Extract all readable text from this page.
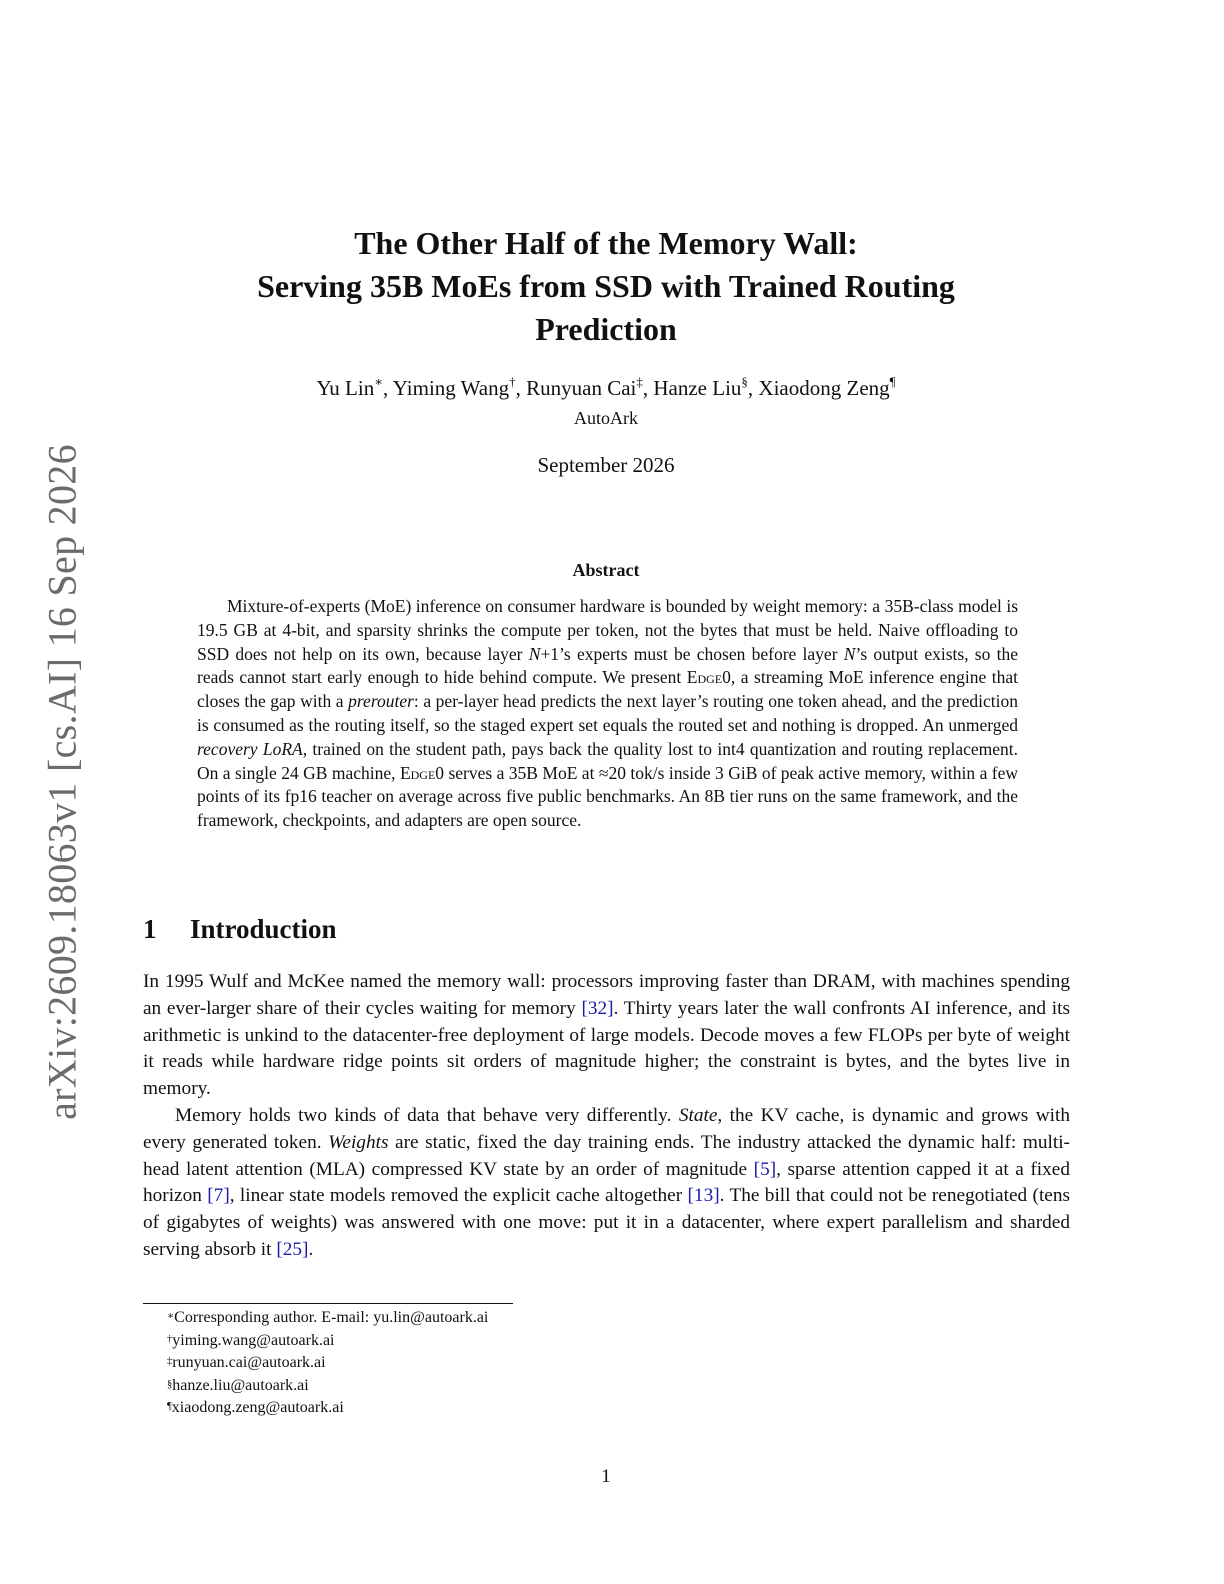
arXiv:2609.18063v1 [cs.AI] 16 Sep 2026
The Other Half of the Memory Wall:
Serving 35B MoEs from SSD with Trained Routing
Prediction
Yu Lin∗, Yiming Wang†, Runyuan Cai‡, Hanze Liu§, Xiaodong Zeng¶
AutoArk
September 2026
Abstract
Mixture-of-experts (MoE) inference on consumer hardware is bounded by weight memory: a 35B-class model is 19.5 GB at 4-bit, and sparsity shrinks the compute per token, not the bytes that must be held. Naive offloading to SSD does not help on its own, because layer N+1’s experts must be chosen before layer N’s output exists, so the reads cannot start early enough to hide behind compute. We present Edge0, a streaming MoE inference engine that closes the gap with a prerouter: a per-layer head predicts the next layer’s routing one token ahead, and the prediction is consumed as the routing itself, so the staged expert set equals the routed set and nothing is dropped. An unmerged recovery LoRA, trained on the student path, pays back the quality lost to int4 quantization and routing replacement. On a single 24 GB machine, Edge0 serves a 35B MoE at ≈20 tok/s inside 3 GiB of peak active memory, within a few points of its fp16 teacher on average across five public benchmarks. An 8B tier runs on the same framework, and the framework, checkpoints, and adapters are open source.
1 Introduction

In 1995 Wulf and McKee named the memory wall: processors improving faster than DRAM, with machines spending an ever-larger share of their cycles waiting for memory [32]. Thirty years later the wall confronts AI inference, and its arithmetic is unkind to the datacenter-free deployment of large models. Decode moves a few FLOPs per byte of weight it reads while hardware ridge points sit orders of magnitude higher; the constraint is bytes, and the bytes live in memory.

Memory holds two kinds of data that behave very differently. State, the KV cache, is dynamic and grows with every generated token. Weights are static, fixed the day training ends. The industry attacked the dynamic half: multi-head latent attention (MLA) compressed KV state by an order of magnitude [5], sparse attention capped it at a fixed horizon [7], linear state models removed the explicit cache altogether [13]. The bill that could not be renegotiated (tens of gigabytes of weights) was answered with one move: put it in a datacenter, where expert parallelism and sharded serving absorb it [25].

∗Corresponding author. E-mail: yu.lin@autoark.ai
†yiming.wang@autoark.ai
‡runyuan.cai@autoark.ai
§hanze.liu@autoark.ai
¶xiaodong.zeng@autoark.ai
1
